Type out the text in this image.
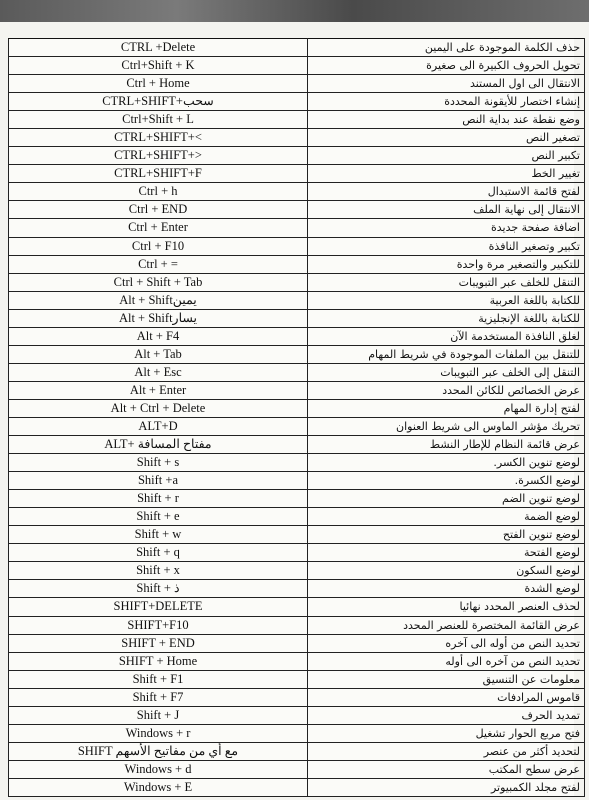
CTRL +Delete	حذف الكلمة الموجودة على اليمين
Ctrl+Shift + K	تحويل الحروف الكبيرة الى صغيرة
Ctrl + Home	الانتقال الى اول المستند
CTRL+SHIFT+سحب	إنشاء اختصار للأيقونة المحددة
Ctrl+Shift + L	وضع نقطة عند بداية النص
CTRL+SHIFT+<	تصغير النص
CTRL+SHIFT+>	تكبير النص
CTRL+SHIFT+F	تغيير الخط
Ctrl + h	لفتح قائمة الاستبدال
Ctrl + END	الانتقال إلى نهاية الملف
Ctrl + Enter	اضافة صفحة جديدة
Ctrl + F10	تكبير وتصغير النافذة
Ctrl + =	للتكبير والتصغير مرة واحدة
Ctrl + Shift + Tab	التنقل للخلف عبر التبويبات
Alt + Shiftيمين	للكتابة باللغة العربية
Alt + Shiftيسار	للكتابة باللغة الإنجليزية
Alt + F4	لغلق النافذة المستخدمة الآن
Alt + Tab	للتنقل بين الملفات الموجودة في شريط المهام
Alt + Esc	التنقل إلى الخلف عبر التبويبات
Alt + Enter	عرض الخصائص للكائن المحدد
Alt + Ctrl + Delete	لفتح إدارة المهام
ALT+D	تحريك مؤشر الماوس الى شريط العنوان
مفتاح المسافة +ALT	عرض قائمة النظام للإطار النشط
Shift + s	لوضع تنوين الكسر.
Shift +a	لوضع الكسرة.
Shift + r	لوضع تنوين الضم
Shift + e	لوضع الضمة
Shift + w	لوضع تنوين الفتح
Shift + q	لوضع الفتحة
Shift + x	لوضع السكون
Shift + ذ	لوضع الشدة
SHIFT+DELETE	لحذف العنصر المحدد نهائيا
SHIFT+F10	عرض القائمة المختصرة للعنصر المحدد
SHIFT + END	تحديد النص من أوله الى آخره
SHIFT + Home	تحديد النص من آخره الى أوله
Shift + F1	معلومات عن التنسيق
Shift + F7	قاموس المرادفات
Shift + J	تمديد الحرف
Windows + r	فتح مربع الحوار تشغيل
SHIFT مع أي من مفاتيح الأسهم	لتحديد أكثر من عنصر
Windows + d	عرض سطح المكتب
Windows + E	لفتح مجلد الكمبيوتر
